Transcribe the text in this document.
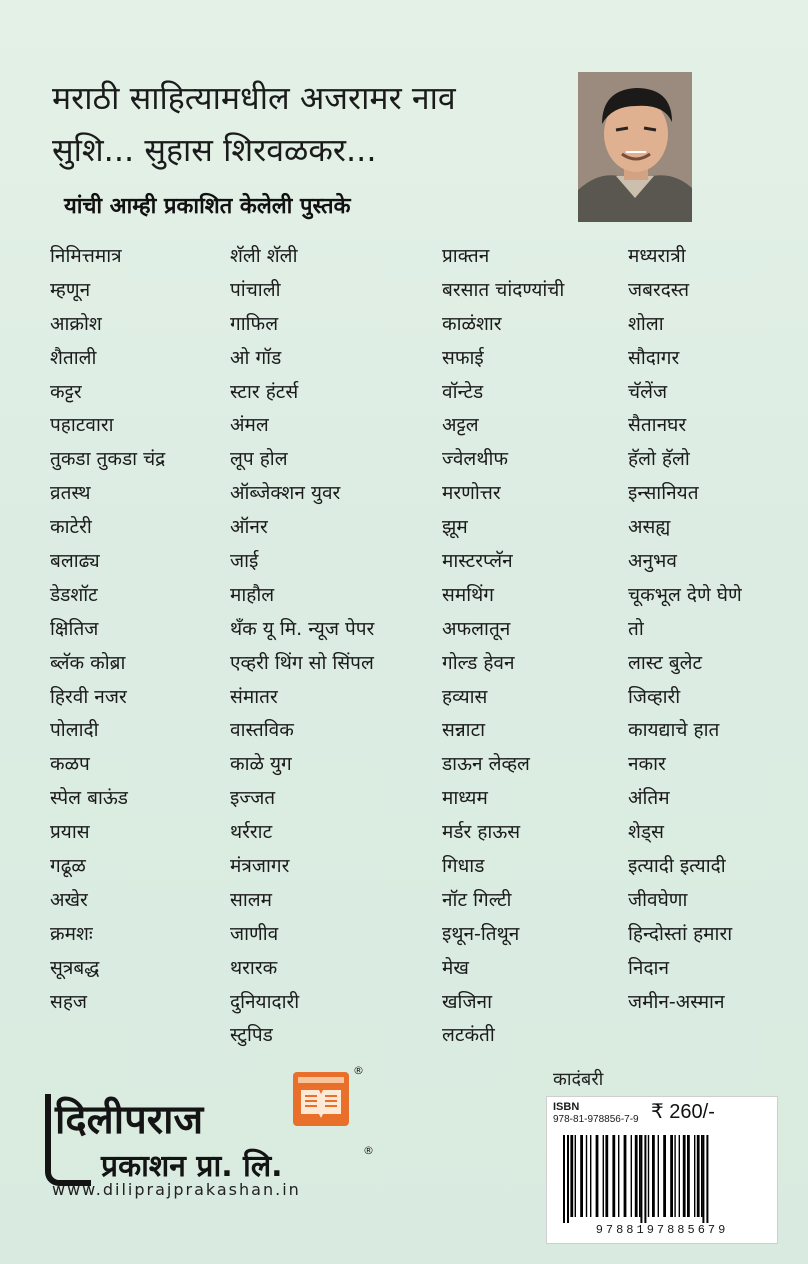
मराठी साहित्यामधील अजरामर नाव
सुशि... सुहास शिरवळकर...
यांची आम्ही प्रकाशित केलेली पुस्तके
निमित्तमात्र
म्हणून
आक्रोश
शैताली
कट्टर
पहाटवारा
तुकडा तुकडा चंद्र
व्रतस्थ
काटेरी
बलाढ्य
डेडशॉट
क्षितिज
ब्लॅक कोब्रा
हिरवी नजर
पोलादी
कळप
स्पेल बाऊंड
प्रयास
गढूळ
अखेर
क्रमशः
सूत्रबद्ध
सहज
शॅली शॅली
पांचाली
गाफिल
ओ गॉड
स्टार हंटर्स
अंमल
लूप होल
ऑब्जेक्शन युवर
ऑनर
जाई
माहौल
थँक यू मि. न्यूज पेपर
एव्हरी थिंग सो सिंपल
संमातर
वास्तविक
काळे युग
इज्जत
थर्रराट
मंत्रजागर
सालम
जाणीव
थरारक
दुनियादारी
स्टुपिड
प्राक्तन
बरसात चांदण्यांची
काळंशार
सफाई
वॉन्टेड
अट्टल
ज्वेलथीफ
मरणोत्तर
झूम
मास्टरप्लॅन
समथिंग
अफलातून
गोल्ड हेवन
हव्यास
सन्नाटा
डाऊन लेव्हल
माध्यम
मर्डर हाऊस
गिधाड
नॉट गिल्टी
इथून-तिथून
मेख
खजिना
लटकंती
मध्यरात्री
जबरदस्त
शोला
सौदागर
चॅलेंज
सैतानघर
हॅलो हॅलो
इन्सानियत
असह्य
अनुभव
चूकभूल देणे घेणे
तो
लास्ट बुलेट
जिव्हारी
कायद्याचे हात
नकार
अंतिम
शेड्स
इत्यादी इत्यादी
जीवघेणा
हिन्दोस्तां हमारा
निदान
जमीन-अस्मान
दिलीपराज
प्रकाशन प्रा. लि.
®
®
www.diliprajprakashan.in
कादंबरी
ISBN
978-81-978856-7-9 ₹ 260/-
9788197885679
